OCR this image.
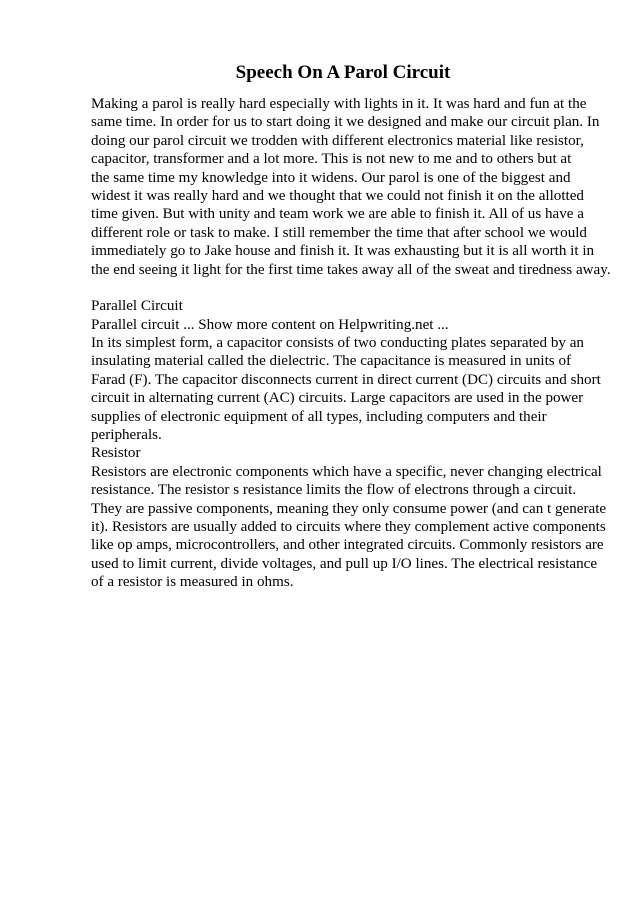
Speech On A Parol Circuit
Making a parol is really hard especially with lights in it. It was hard and fun at the
same time. In order for us to start doing it we designed and make our circuit plan. In
doing our parol circuit we trodden with different electronics material like resistor,
capacitor, transformer and a lot more. This is not new to me and to others but at
the same time my knowledge into it widens. Our parol is one of the biggest and
widest it was really hard and we thought that we could not finish it on the allotted
time given. But with unity and team work we are able to finish it. All of us have a
different role or task to make. I still remember the time that after school we would
immediately go to Jake house and finish it. It was exhausting but it is all worth it in
the end seeing it light for the first time takes away all of the sweat and tiredness away.
Parallel Circuit
Parallel circuit ... Show more content on Helpwriting.net ...
In its simplest form, a capacitor consists of two conducting plates separated by an
insulating material called the dielectric. The capacitance is measured in units of
Farad (F). The capacitor disconnects current in direct current (DC) circuits and short
circuit in alternating current (AC) circuits. Large capacitors are used in the power
supplies of electronic equipment of all types, including computers and their
peripherals.
Resistor
Resistors are electronic components which have a specific, never changing electrical
resistance. The resistor s resistance limits the flow of electrons through a circuit.
They are passive components, meaning they only consume power (and can t generate
it). Resistors are usually added to circuits where they complement active components
like op amps, microcontrollers, and other integrated circuits. Commonly resistors are
used to limit current, divide voltages, and pull up I/O lines. The electrical resistance
of a resistor is measured in ohms.
